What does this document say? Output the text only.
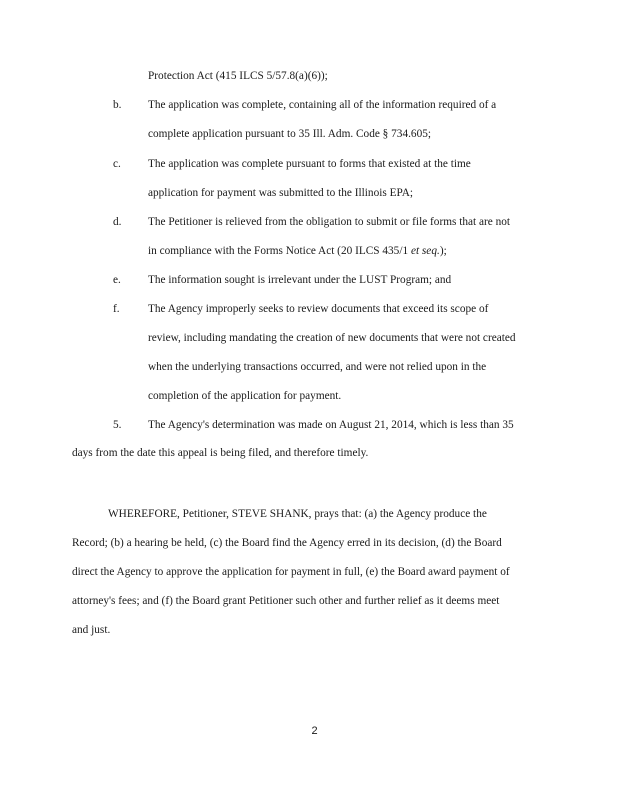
Protection Act (415 ILCS 5/57.8(a)(6));
b. The application was complete, containing all of the information required of a
complete application pursuant to 35 Ill. Adm. Code § 734.605;
c. The application was complete pursuant to forms that existed at the time
application for payment was submitted to the Illinois EPA;
d. The Petitioner is relieved from the obligation to submit or file forms that are not
in compliance with the Forms Notice Act (20 ILCS 435/1 et seq.);
e. The information sought is irrelevant under the LUST Program; and
f.	The Agency improperly seeks to review documents that exceed its scope of
review, including mandating the creation of new documents that were not created
when the underlying transactions occurred, and were not relied upon in the
completion of the application for payment.
5. The Agency's determination was made on August 21, 2014, which is less than 35
days from the date this appeal is being filed, and therefore timely.
WHEREFORE, Petitioner, STEVE SHANK, prays that: (a) the Agency produce the
Record; (b) a hearing be held, (c) the Board find the Agency erred in its decision, (d) the Board
direct the Agency to approve the application for payment in full, (e) the Board award payment of
attorney's fees; and (f) the Board grant Petitioner such other and further relief as it deems meet
and just.
2
